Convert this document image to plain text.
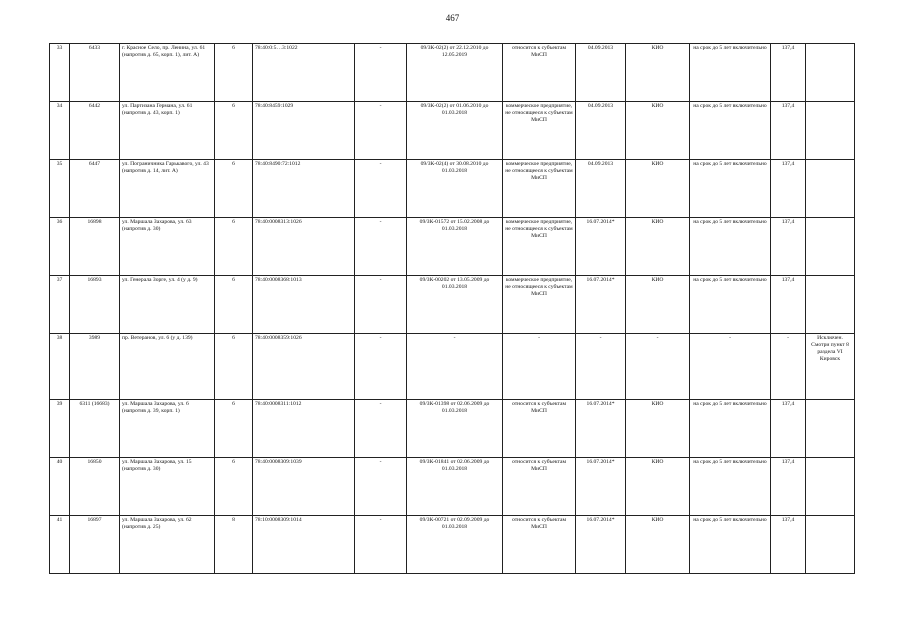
467
33	6433	г. Красное Село, пр. Ленина, ул. 61 (напротив д. 65, корп. 1), лит. А)	6	78:40:0:5…3:1022	-	09/ЗК-02(2) от 22.12.2010 до 12.05.2019	относится к субъектам МиСП	04.09.2013	КИО	на срок до 5 лет включительно	137,4	
34	6442	ул. Партизана Германа, ул. 61 (напротив д. 43, корп. 1)	6	78:40:8459:1029	-	09/ЗК-02(2) от 01.06.2010 до 01.03.2018	коммерческое предприятие, не относящееся к субъектам МиСП	04.09.2013	КИО	на срок до 5 лет включительно	137,4	
35	6447	ул. Пограничника Гарькавого, ул. 43 (напротив д. 14, лит. А)	6	78:40:8490:72:1012	-	09/ЗК-02(4) от 30.08.2010 до 01.03.2018	коммерческое предприятие, не относящееся к субъектам МиСП	04.09.2013	КИО	на срок до 5 лет включительно	137,4	
36	16898	ул. Маршала Захарова, ул. 63 (напротив д. 30)	6	78:40:0008313:1026	-	09/ЗК-01572 от 15.02.2008 до 01.03.2018	коммерческое предприятие, не относящееся к субъектам МиСП	16.07.2014*	КИО	на срок до 5 лет включительно	137,4	
37	16893	ул. Генерала Зорге, ул. 4 (у д. 9)	6	78:40:0008368:1013	-	09/ЗК-00202 от 13.05.2009 до 01.03.2018	коммерческое предприятие, не относящееся к субъектам МиСП	16.07.2014*	КИО	на срок до 5 лет включительно	137,4	
38	3989	пр. Ветеранов, ул. 6 (у д. 139)	6	78:40:0008359:1026	-	-	-	-	-	-	-	Исключен. Смотри пункт 8 раздела VI Кировск
39	6311 (16683)	ул. Маршала Захарова, ул. 6 (напротив д. 39, корп. 1)	6	78:40:0008311:1012	-	09/ЗК-01398 от 02.06.2009 до 01.03.2018	относится к субъектам МиСП	16.07.2014*	КИО	на срок до 5 лет включительно	137,4	
40	16850	ул. Маршала Захарова, ул. 15 (напротив д. 30)	6	78:40:0008309:1039	-	09/ЗК-01841 от 02.06.2009 до 01.03.2018	относится к субъектам МиСП	16.07.2014*	КИО	на срок до 5 лет включительно	137,4	
41	16897	ул. Маршала Захарова, ул. 62 (напротив д. 25)	8	78:10:0008309:1014	-	09/ЗК-00721 от 02.09.2009 до 01.03.2018	относится к субъектам МиСП	16.07.2014*	КИО	на срок до 5 лет включительно	137,4	
